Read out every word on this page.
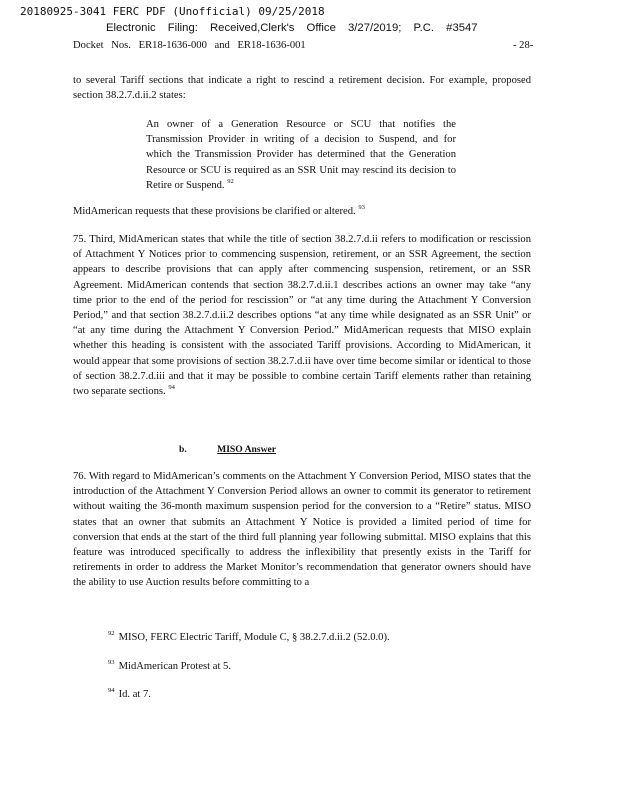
20180925-3041 FERC PDF (Unofficial) 09/25/2018
Electronic Filing: Received,Clerk's Office 3/27/2019; P.C. #3547
Docket Nos. ER18-1636-000 and ER18-1636-001	- 28-

to several Tariff sections that indicate a right to rescind a retirement decision. For example, proposed section 38.2.7.d.ii.2 states:

An owner of a Generation Resource or SCU that notifies the Transmission Provider in writing of a decision to Suspend, and for which the Transmission Provider has determined that the Generation Resource or SCU is required as an SSR Unit may rescind its decision to Retire or Suspend. $^{92}$
MidAmerican requests that these provisions be clarified or altered. $^{93}$
75. Third, MidAmerican states that while the title of section 38.2.7.d.ii refers to modification or rescission of Attachment Y Notices prior to commencing suspension, retirement, or an SSR Agreement, the section appears to describe provisions that can apply after commencing suspension, retirement, or an SSR Agreement. MidAmerican contends that section 38.2.7.d.ii.1 describes actions an owner may take “any time prior to the end of the period for rescission” or “at any time during the Attachment Y Conversion Period,” and that section 38.2.7.d.ii.2 describes options “at any time while designated as an SSR Unit” or “at any time during the Attachment Y Conversion Period.” MidAmerican requests that MISO explain whether this heading is consistent with the associated Tariff provisions. According to MidAmerican, it would appear that some provisions of section 38.2.7.d.ii have over time become similar or identical to those of section 38.2.7.d.iii and that it may be possible to combine certain Tariff elements rather than retaining two separate sections. $^{94}$
b.	MISO Answer
76. With regard to MidAmerican’s comments on the Attachment Y Conversion Period, MISO states that the introduction of the Attachment Y Conversion Period allows an owner to commit its generator to retirement without waiting the 36-month maximum suspension period for the conversion to a “Retire” status. MISO states that an owner that submits an Attachment Y Notice is provided a limited period of time for conversion that ends at the start of the third full planning year following submittal. MISO explains that this feature was introduced specifically to address the inflexibility that presently exists in the Tariff for retirements in order to address the Market Monitor’s recommendation that generator owners should have the ability to use Auction results before committing to a
$^{92}$ MISO, FERC Electric Tariff, Module C, § 38.2.7.d.ii.2 (52.0.0).
$^{93}$ MidAmerican Protest at 5.
$^{94}$ Id. at 7.
